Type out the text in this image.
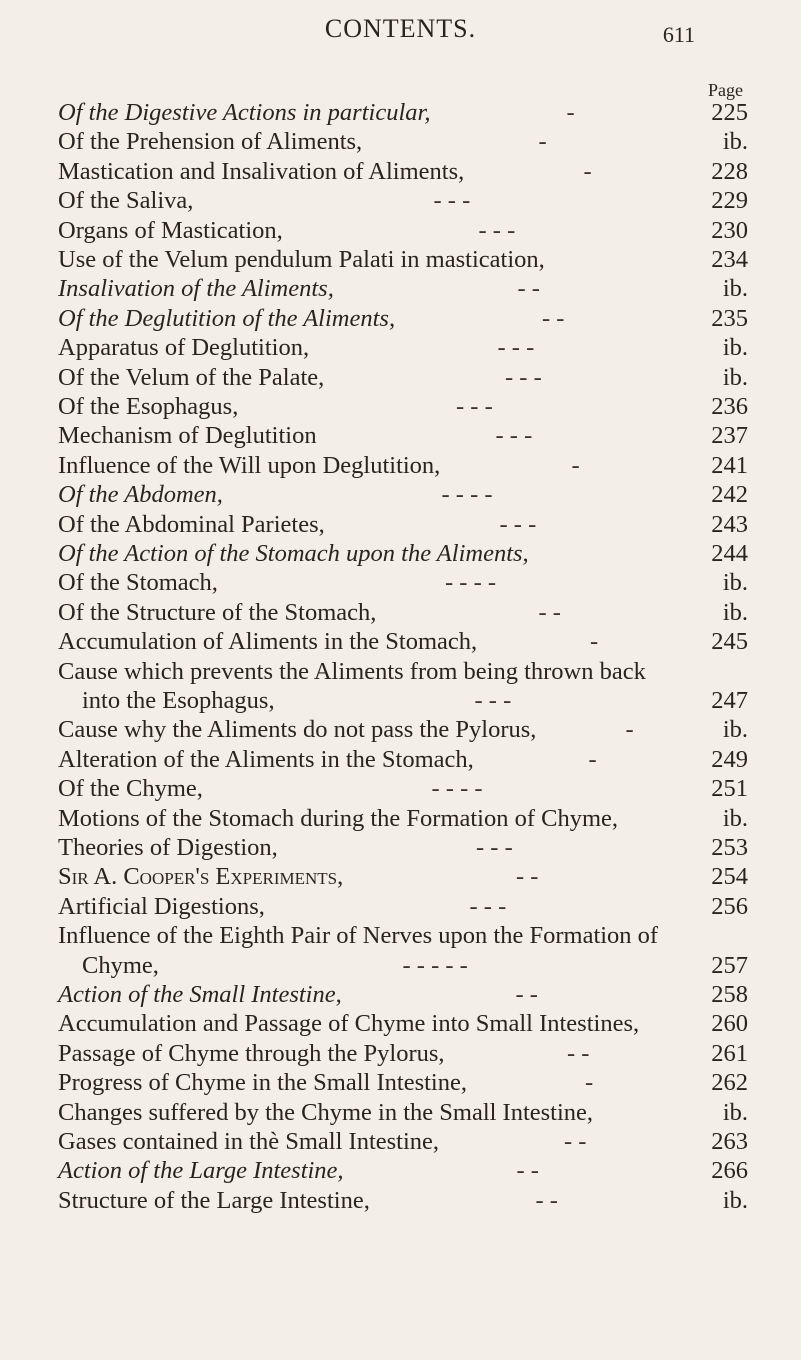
CONTENTS.	611
Page
Of the Digestive Actions in particular,	-	225
Of the Prehension of Aliments,	-	ib.
Mastication and Insalivation of Aliments,	-	228
Of the Saliva,	- - -	229
Organs of Mastication,	- - -	230
Use of the Velum pendulum Palati in mastication,	234
Insalivation of the Aliments,	- -	ib.
Of the Deglutition of the Aliments,	- -	235
Apparatus of Deglutition,	- - -	ib.
Of the Velum of the Palate,	- - -	ib.
Of the Esophagus,	- - -	236
Mechanism of Deglutition	- - -	237
Influence of the Will upon Deglutition,	-	241
Of the Abdomen,	- - - -	242
Of the Abdominal Parietes,	- - -	243
Of the Action of the Stomach upon the Aliments,	244
Of the Stomach,	- - - -	ib.
Of the Structure of the Stomach,	- -	ib.
Accumulation of Aliments in the Stomach,	-	245
Cause which prevents the Aliments from being thrown back
into the Esophagus,	- - -	247
Cause why the Aliments do not pass the Pylorus,	-	ib.
Alteration of the Aliments in the Stomach,	-	249
Of the Chyme,	- - - -	251
Motions of the Stomach during the Formation of Chyme,	ib.
Theories of Digestion,	- - -	253
Sir A. Cooper's Experiments,	- -	254
Artificial Digestions,	- - -	256
Influence of the Eighth Pair of Nerves upon the Formation of
Chyme,	- - - - -	257
Action of the Small Intestine,	- -	258
Accumulation and Passage of Chyme into Small Intestines,	260
Passage of Chyme through the Pylorus,	- -	261
Progress of Chyme in the Small Intestine,	-	262
Changes suffered by the Chyme in the Small Intestine,	ib.
Gases contained in thè Small Intestine,	- -	263
Action of the Large Intestine,	- -	266
Structure of the Large Intestine,	- -	ib.
